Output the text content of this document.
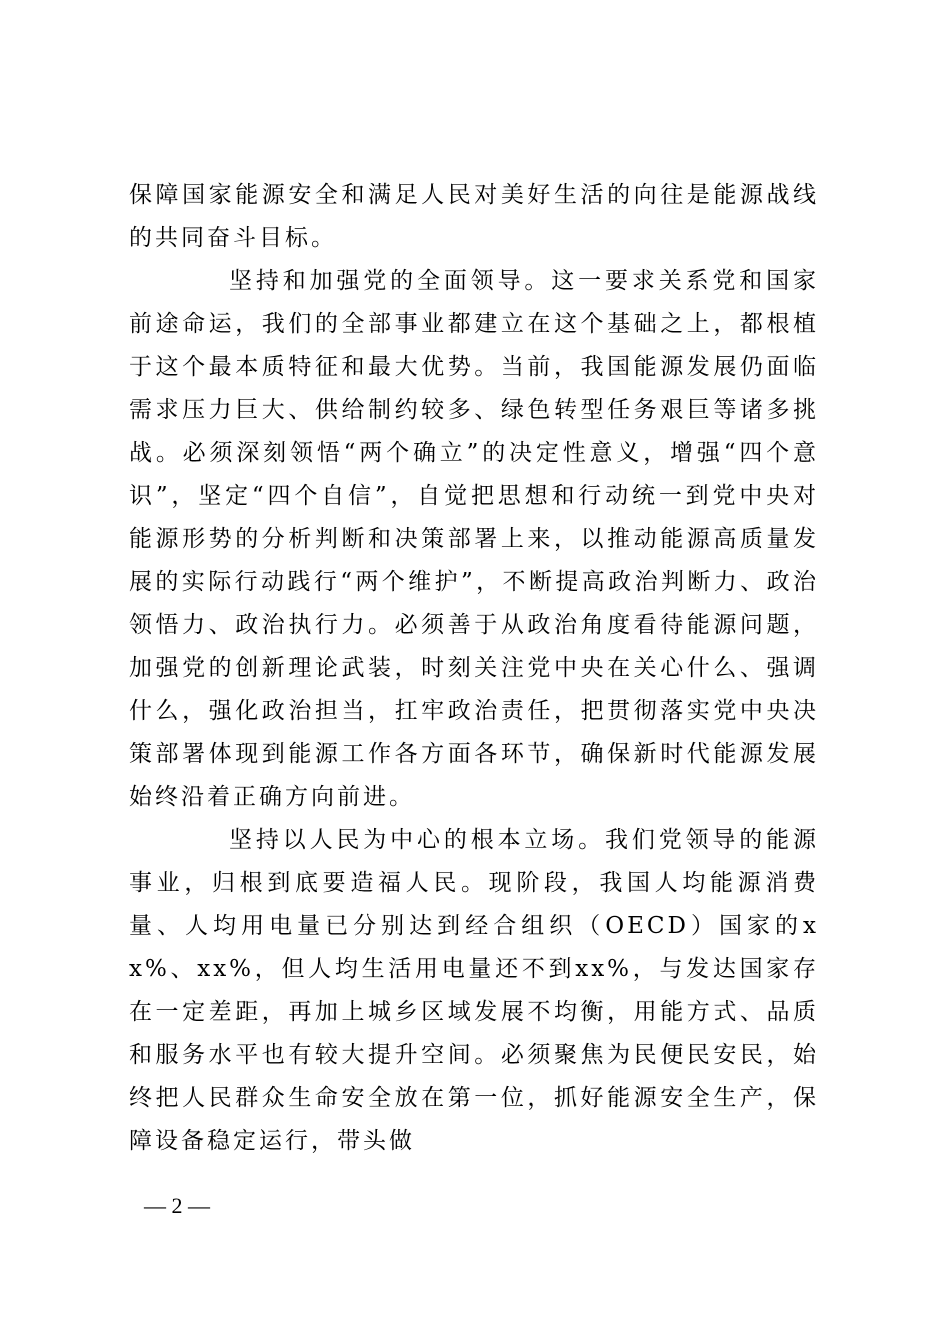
保障国家能源安全和满足人民对美好生活的向往是能源战线的共同奋斗目标。

坚持和加强党的全面领导。这一要求关系党和国家前途命运，我们的全部事业都建立在这个基础之上，都根植于这个最本质特征和最大优势。当前，我国能源发展仍面临需求压力巨大、供给制约较多、绿色转型任务艰巨等诸多挑战。必须深刻领悟“两个确立”的决定性意义，增强“四个意识”，坚定“四个自信”，自觉把思想和行动统一到党中央对能源形势的分析判断和决策部署上来，以推动能源高质量发展的实际行动践行“两个维护”，不断提高政治判断力、政治领悟力、政治执行力。必须善于从政治角度看待能源问题，加强党的创新理论武装，时刻关注党中央在关心什么、强调什么，强化政治担当，扛牢政治责任，把贯彻落实党中央决策部署体现到能源工作各方面各环节，确保新时代能源发展始终沿着正确方向前进。

坚持以人民为中心的根本立场。我们党领导的能源事业，归根到底要造福人民。现阶段，我国人均能源消费量、人均用电量已分别达到经合组织（OECD）国家的xx%、xx%，但人均生活用电量还不到xx%，与发达国家存在一定差距，再加上城乡区域发展不均衡，用能方式、品质和服务水平也有较大提升空间。必须聚焦为民便民安民，始终把人民群众生命安全放在第一位，抓好能源安全生产，保障设备稳定运行，带头做

— 2 —
